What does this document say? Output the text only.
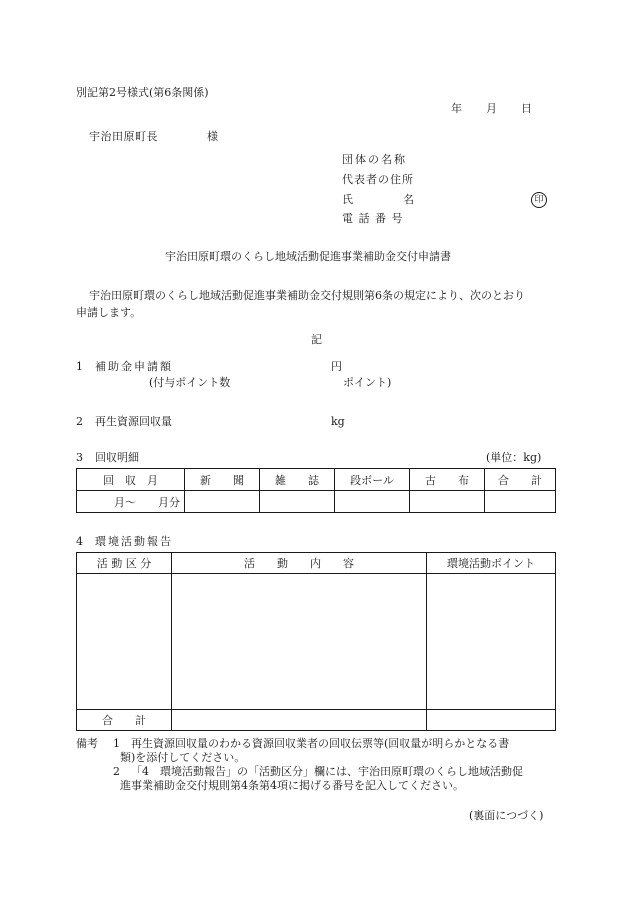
別記第2号様式(第6条関係)
年 月 日
宇治田原町長	様
団体の名称
代表者の住所
氏	名	印
電 話 番 号
宇治田原町環のくらし地域活動促進事業補助金交付申請書
宇治田原町環のくらし地域活動促進事業補助金交付規則第6条の規定により、次のとおり
申請します。
記
1 補助金申請額	円
(付与ポイント数	ポイント)
2 再生資源回収量	kg
3 回収明細	(単位：kg)
回　収　月	新　　聞	雑　　誌	段ボール	古　　布	合　　計
月～　　月分					
4 環境活動報告
活 動 区 分	活　　動　　内　　容	環境活動ポイント

合　　計		
備考 1 再生資源回収量のわかる資源回収業者の回収伝票等(回収量が明らかとなる書
類)を添付してください。
2 「4　環境活動報告」の「活動区分」欄には、宇治田原町環のくらし地域活動促
進事業補助金交付規則第4条第4項に掲げる番号を記入してください。
(裏面につづく)
